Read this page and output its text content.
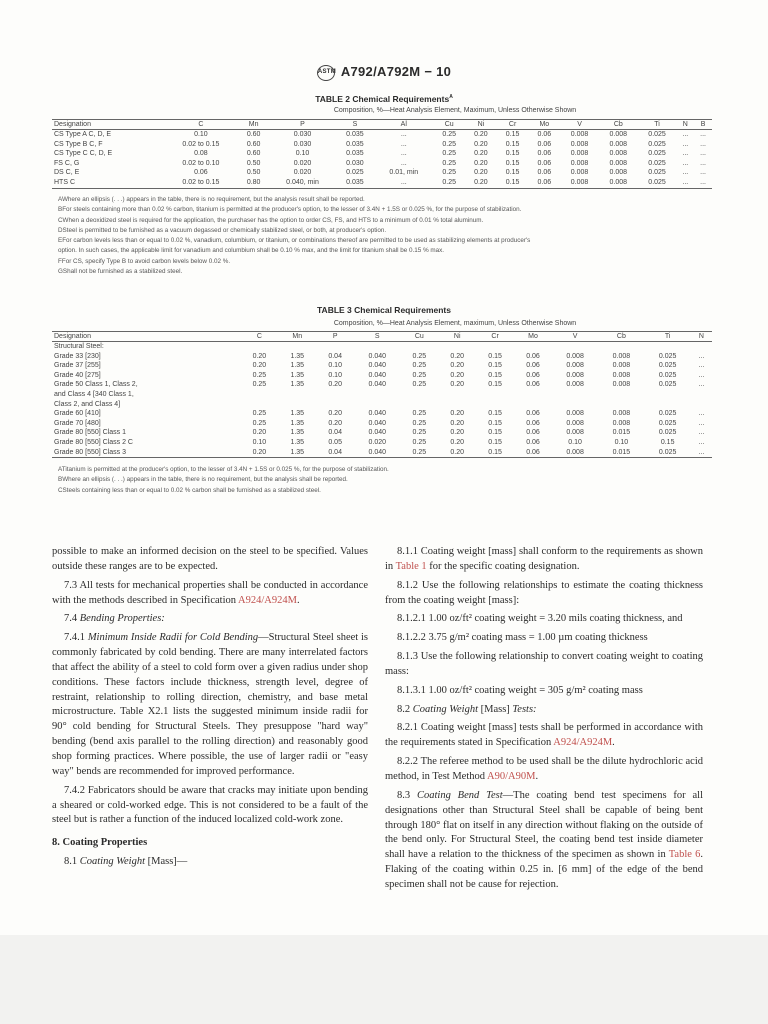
ASTM A792/A792M − 10
TABLE 2 Chemical Requirements$^A$
Composition, %—Heat Analysis Element, Maximum, Unless Otherwise Shown
Designation	C	Mn	P	S	Al	Cu	Ni	Cr	Mo	V	Cb	Ti	N	B
CS Type A C, D, E	0.10	0.60	0.030	0.035	...	0.25	0.20	0.15	0.06	0.008	0.008	0.025	...	...
CS Type B C, F	0.02 to 0.15	0.60	0.030	0.035	...	0.25	0.20	0.15	0.06	0.008	0.008	0.025	...	...
CS Type C C, D, E	0.08	0.60	0.10	0.035	...	0.25	0.20	0.15	0.06	0.008	0.008	0.025	...	...
FS C, G	0.02 to 0.10	0.50	0.020	0.030	...	0.25	0.20	0.15	0.06	0.008	0.008	0.025	...	...
DS C, E	0.06	0.50	0.020	0.025	0.01, min	0.25	0.20	0.15	0.06	0.008	0.008	0.025	...	...
HTS C	0.02 to 0.15	0.80	0.040, min	0.035	...	0.25	0.20	0.15	0.06	0.008	0.008	0.025	...	...

AWhere an ellipsis (. . .) appears in the table, there is no requirement, but the analysis result shall be reported.

BFor steels containing more than 0.02 % carbon, titanium is permitted at the producer's option, to the lesser of 3.4N + 1.5S or 0.025 %, for the purpose of stabilization.

CWhen a deoxidized steel is required for the application, the purchaser has the option to order CS, FS, and HTS to a minimum of 0.01 % total aluminum.

DSteel is permitted to be furnished as a vacuum degassed or chemically stabilized steel, or both, at producer's option.

EFor carbon levels less than or equal to 0.02 %, vanadium, columbium, or titanium, or combinations thereof are permitted to be used as stabilizing elements at producer's

option. In such cases, the applicable limit for vanadium and columbium shall be 0.10 % max, and the limit for titanium shall be 0.15 % max.

FFor CS, specify Type B to avoid carbon levels below 0.02 %.

GShall not be furnished as a stabilized steel.

TABLE 3 Chemical Requirements
Composition, %—Heat Analysis Element, maximum, Unless Otherwise Shown
Designation	C	Mn	P	S	Cu	Ni	Cr	Mo	V	Cb	Ti	N
Structural Steel:												
Grade 33 [230]	0.20	1.35	0.04	0.040	0.25	0.20	0.15	0.06	0.008	0.008	0.025	...
Grade 37 [255]	0.20	1.35	0.10	0.040	0.25	0.20	0.15	0.06	0.008	0.008	0.025	...
Grade 40 [275]	0.25	1.35	0.10	0.040	0.25	0.20	0.15	0.06	0.008	0.008	0.025	...
Grade 50 Class 1, Class 2,	0.25	1.35	0.20	0.040	0.25	0.20	0.15	0.06	0.008	0.008	0.025	...
and Class 4 [340 Class 1,												
Class 2, and Class 4]												
Grade 60 [410]	0.25	1.35	0.20	0.040	0.25	0.20	0.15	0.06	0.008	0.008	0.025	...
Grade 70 [480]	0.25	1.35	0.20	0.040	0.25	0.20	0.15	0.06	0.008	0.008	0.025	...
Grade 80 [550] Class 1	0.20	1.35	0.04	0.040	0.25	0.20	0.15	0.06	0.008	0.015	0.025	...
Grade 80 [550] Class 2 C	0.10	1.35	0.05	0.020	0.25	0.20	0.15	0.06	0.10	0.10	0.15	...
Grade 80 [550] Class 3	0.20	1.35	0.04	0.040	0.25	0.20	0.15	0.06	0.008	0.015	0.025	...

ATitanium is permitted at the producer's option, to the lesser of 3.4N + 1.5S or 0.025 %, for the purpose of stabilization.

BWhere an ellipsis (. . .) appears in the table, there is no requirement, but the analysis shall be reported.

CSteels containing less than or equal to 0.02 % carbon shall be furnished as a stabilized steel.

possible to make an informed decision on the steel to be specified. Values outside these ranges are to be expected.

7.3 All tests for mechanical properties shall be conducted in accordance with the methods described in Specification A924/A924M.

7.4 Bending Properties:

7.4.1 Minimum Inside Radii for Cold Bending—Structural Steel sheet is commonly fabricated by cold bending. There are many interrelated factors that affect the ability of a steel to cold form over a given radius under shop conditions. These factors include thickness, strength level, degree of restraint, relationship to rolling direction, chemistry, and base metal microstructure. Table X2.1 lists the suggested minimum inside radii for 90° cold bending for Structural Steels. They presuppose "hard way" bending (bend axis parallel to the rolling direction) and reasonably good shop forming practices. Where possible, the use of larger radii or "easy way" bends are recommended for improved performance.

7.4.2 Fabricators should be aware that cracks may initiate upon bending a sheared or cold-worked edge. This is not considered to be a fault of the steel but is rather a function of the induced localized cold-work zone.

8. Coating Properties

8.1 Coating Weight [Mass]—

8.1.1 Coating weight [mass] shall conform to the requirements as shown in Table 1 for the specific coating designation.

8.1.2 Use the following relationships to estimate the coating thickness from the coating weight [mass]:

8.1.2.1 1.00 oz/ft² coating weight = 3.20 mils coating thickness, and

8.1.2.2 3.75 g/m² coating mass = 1.00 µm coating thickness

8.1.3 Use the following relationship to convert coating weight to coating mass:

8.1.3.1 1.00 oz/ft² coating weight = 305 g/m² coating mass

8.2 Coating Weight [Mass] Tests:

8.2.1 Coating weight [mass] tests shall be performed in accordance with the requirements stated in Specification A924/A924M.

8.2.2 The referee method to be used shall be the dilute hydrochloric acid method, in Test Method A90/A90M.

8.3 Coating Bend Test—The coating bend test specimens for all designations other than Structural Steel shall be capable of being bent through 180° flat on itself in any direction without flaking on the outside of the bend only. For Structural Steel, the coating bend test inside diameter shall have a relation to the thickness of the specimen as shown in Table 6. Flaking of the coating within 0.25 in. [6 mm] of the edge of the bend specimen shall not be cause for rejection.
